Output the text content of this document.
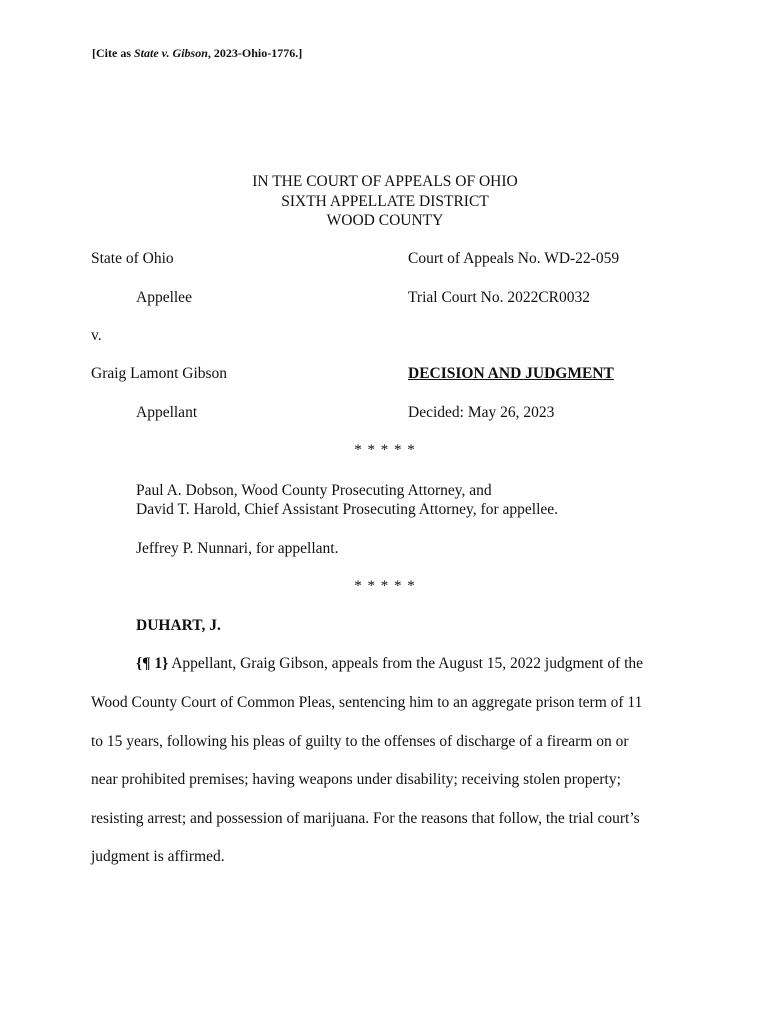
[Cite as State v. Gibson, 2023-Ohio-1776.]
IN THE COURT OF APPEALS OF OHIO
SIXTH APPELLATE DISTRICT
WOOD COUNTY
State of Ohio
Appellee
v.
Graig Lamont Gibson
Appellant
Court of Appeals No. WD-22-059
Trial Court No. 2022CR0032
DECISION AND JUDGMENT
Decided: May 26, 2023
* * * * *
Paul A. Dobson, Wood County Prosecuting Attorney, and
David T. Harold, Chief Assistant Prosecuting Attorney, for appellee.
Jeffrey P. Nunnari, for appellant.
* * * * *
DUHART, J.
{¶ 1} Appellant, Graig Gibson, appeals from the August 15, 2022 judgment of the
Wood County Court of Common Pleas, sentencing him to an aggregate prison term of 11
to 15 years, following his pleas of guilty to the offenses of discharge of a firearm on or
near prohibited premises; having weapons under disability; receiving stolen property;
resisting arrest; and possession of marijuana. For the reasons that follow, the trial court’s
judgment is affirmed.
